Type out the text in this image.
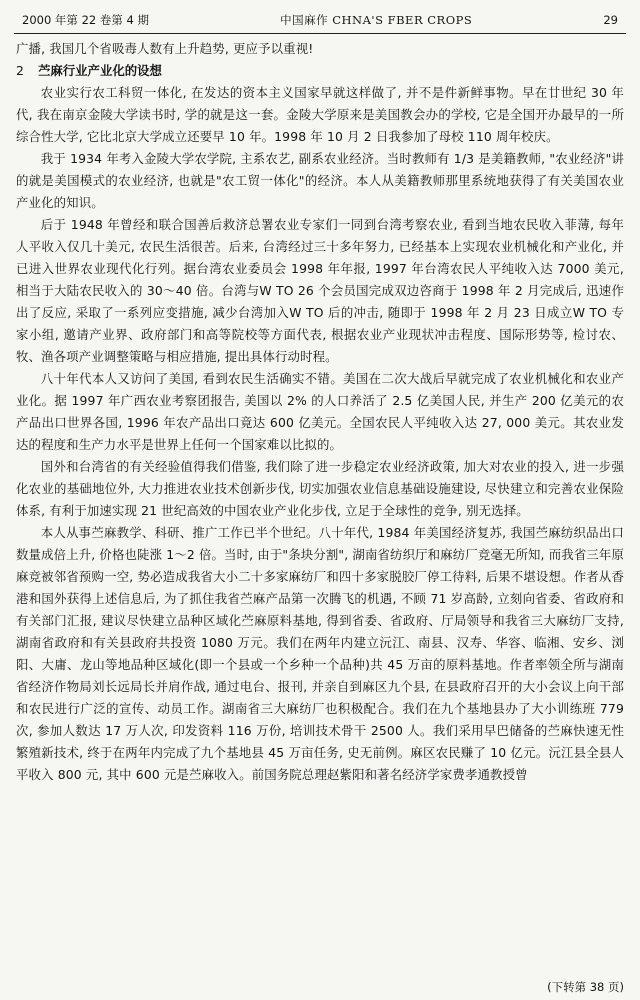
2000 年第 22 卷第 4 期	中国麻作 CHNA'S FBER CROPS	29

广播, 我国几个省吸毒人数有上升趋势, 更应予以重视!

2 苎麻行业产业化的设想

农业实行农工科贸一体化, 在发达的资本主义国家早就这样做了, 并不是件新鲜事物。早在廿世纪 30 年代, 我在南京金陵大学读书时, 学的就是这一套。金陵大学原来是美国教会办的学校, 它是全国开办最早的一所综合性大学, 它比北京大学成立还要早 10 年。1998 年 10 月 2 日我参加了母校 110 周年校庆。

我于 1934 年考入金陵大学农学院, 主系农艺, 副系农业经济。当时教师有 1/3 是美籍教师, "农业经济"讲的就是美国模式的农业经济, 也就是"农工贸一体化"的经济。本人从美籍教师那里系统地获得了有关美国农业产业化的知识。

后于 1948 年曾经和联合国善后救济总署农业专家们一同到台湾考察农业, 看到当地农民收入菲薄, 每年人平收入仅几十美元, 农民生活很苦。后来, 台湾经过三十多年努力, 已经基本上实现农业机械化和产业化, 并已进入世界农业现代化行列。据台湾农业委员会 1998 年年报, 1997 年台湾农民人平纯收入达 7000 美元, 相当于大陆农民收入的 30～40 倍。台湾与W TO 26 个会员国完成双边咨商于 1998 年 2 月完成后, 迅速作出了反应, 采取了一系列应变措施, 减少台湾加入W TO 后的冲击, 随即于 1998 年 2 月 23 日成立W TO 专家小组, 邀请产业界、政府部门和高等院校等方面代表, 根据农业产业现状冲击程度、国际形势等, 检讨农、牧、渔各项产业调整策略与相应措施, 提出具体行动时程。

八十年代本人又访问了美国, 看到农民生活确实不错。美国在二次大战后早就完成了农业机械化和农业产业化。据 1997 年广西农业考察团报告, 美国以 2% 的人口养活了 2.5 亿美国人民, 并生产 200 亿美元的农产品出口世界各国, 1996 年农产品出口竟达 600 亿美元。全国农民人平纯收入达 27, 000 美元。其农业发达的程度和生产力水平是世界上任何一个国家难以比拟的。

国外和台湾省的有关经验值得我们借鉴, 我们除了进一步稳定农业经济政策, 加大对农业的投入, 进一步强化农业的基础地位外, 大力推进农业技术创新步伐, 切实加强农业信息基础设施建设, 尽快建立和完善农业保险体系, 有利于加速实现 21 世纪高效的中国农业产业化步伐, 立足于全球性的竞争, 别无选择。

本人从事苎麻教学、科研、推广工作已半个世纪。八十年代, 1984 年美国经济复苏, 我国苎麻纺织品出口数量成倍上升, 价格也陡涨 1～2 倍。当时, 由于"条块分割", 湖南省纺织厅和麻纺厂竞毫无所知, 而我省三年原麻竞被邻省预购一空, 势必造成我省大小二十多家麻纺厂和四十多家脱胶厂停工待料, 后果不堪设想。作者从香港和国外获得上述信息后, 为了抓住我省苎麻产品第一次腾飞的机遇, 不顾 71 岁高龄, 立刻向省委、省政府和有关部门汇报, 建议尽快建立品种区域化苎麻原料基地, 得到省委、省政府、厅局领导和我省三大麻纺厂支持, 湖南省政府和有关县政府共投资 1080 万元。我们在两年内建立沅江、南县、汉寿、华容、临湘、安乡、浏阳、大庸、龙山等地品种区域化(即一个县或一个乡种一个品种)共 45 万亩的原料基地。作者率领全所与湖南省经济作物局刘长远局长并肩作战, 通过电台、报刊, 并亲自到麻区九个县, 在县政府召开的大小会议上向干部和农民进行广泛的宣传、动员工作。湖南省三大麻纺厂也积极配合。我们在九个基地县办了大小训练班 779 次, 参加人数达 17 万人次, 印发资料 116 万份, 培训技术骨干 2500 人。我们采用早巴储备的苎麻快速无性繁殖新技术, 终于在两年内完成了九个基地县 45 万亩任务, 史无前例。麻区农民赚了 10 亿元。沅江县全县人平收入 800 元, 其中 600 元是苎麻收入。前国务院总理赵紫阳和著名经济学家费孝通教授曾

(下转第 38 页)
